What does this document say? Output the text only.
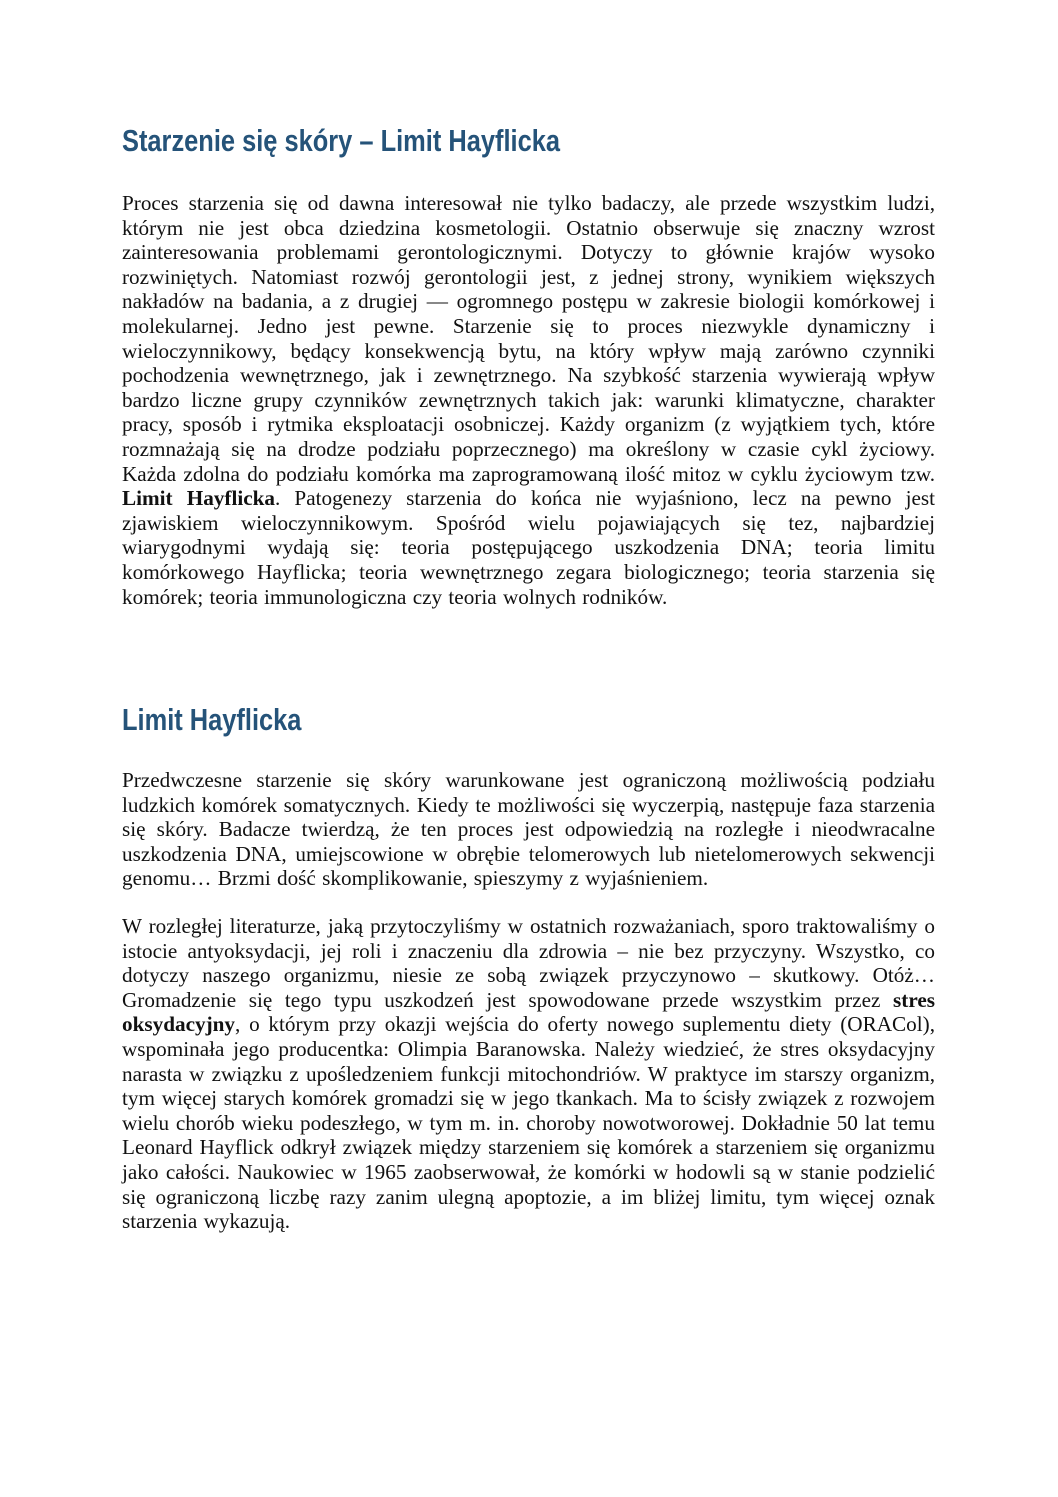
Starzenie się skóry – Limit Hayflicka

Proces starzenia się od dawna interesował nie tylko badaczy, ale przede wszystkim ludzi, którym nie jest obca dziedzina kosmetologii. Ostatnio obserwuje się znaczny wzrost zainteresowania problemami gerontologicznymi. Dotyczy to głównie krajów wysoko rozwiniętych. Natomiast rozwój gerontologii jest, z jednej strony, wynikiem większych nakładów na badania, a z drugiej — ogromnego postępu w zakresie biologii komórkowej i molekularnej. Jedno jest pewne. Starzenie się to proces niezwykle dynamiczny i wieloczynnikowy, będący konsekwencją bytu, na który wpływ mają zarówno czynniki pochodzenia wewnętrznego, jak i zewnętrznego. Na szybkość starzenia wywierają wpływ bardzo liczne grupy czynników zewnętrznych takich jak: warunki klimatyczne, charakter pracy, sposób i rytmika eksploatacji osobniczej. Każdy organizm (z wyjątkiem tych, które rozmnażają się na drodze podziału poprzecznego) ma określony w czasie cykl życiowy. Każda zdolna do podziału komórka ma zaprogramowaną ilość mitoz w cyklu życiowym tzw. Limit Hayflicka. Patogenezy starzenia do końca nie wyjaśniono, lecz na pewno jest zjawiskiem wieloczynnikowym. Spośród wielu pojawiających się tez, najbardziej wiarygodnymi wydają się: teoria postępującego uszkodzenia DNA; teoria limitu komórkowego Hayflicka; teoria wewnętrznego zegara biologicznego; teoria starzenia się komórek; teoria immunologiczna czy teoria wolnych rodników.

Limit Hayflicka

Przedwczesne starzenie się skóry warunkowane jest ograniczoną możliwością podziału ludzkich komórek somatycznych. Kiedy te możliwości się wyczerpią, następuje faza starzenia się skóry. Badacze twierdzą, że ten proces jest odpowiedzią na rozległe i nieodwracalne uszkodzenia DNA, umiejscowione w obrębie telomerowych lub nietelomerowych sekwencji genomu… Brzmi dość skomplikowanie, spieszymy z wyjaśnieniem.

W rozległej literaturze, jaką przytoczyliśmy w ostatnich rozważaniach, sporo traktowaliśmy o istocie antyoksydacji, jej roli i znaczeniu dla zdrowia – nie bez przyczyny. Wszystko, co dotyczy naszego organizmu, niesie ze sobą związek przyczynowo – skutkowy. Otóż… Gromadzenie się tego typu uszkodzeń jest spowodowane przede wszystkim przez stres oksydacyjny, o którym przy okazji wejścia do oferty nowego suplementu diety (ORACol), wspominała jego producentka: Olimpia Baranowska. Należy wiedzieć, że stres oksydacyjny narasta w związku z upośledzeniem funkcji mitochondriów. W praktyce im starszy organizm, tym więcej starych komórek gromadzi się w jego tkankach. Ma to ścisły związek z rozwojem wielu chorób wieku podeszłego, w tym m. in. choroby nowotworowej. Dokładnie 50 lat temu Leonard Hayflick odkrył związek między starzeniem się komórek a starzeniem się organizmu jako całości. Naukowiec w 1965 zaobserwował, że komórki w hodowli są w stanie podzielić się ograniczoną liczbę razy zanim ulegną apoptozie, a im bliżej limitu, tym więcej oznak starzenia wykazują.
